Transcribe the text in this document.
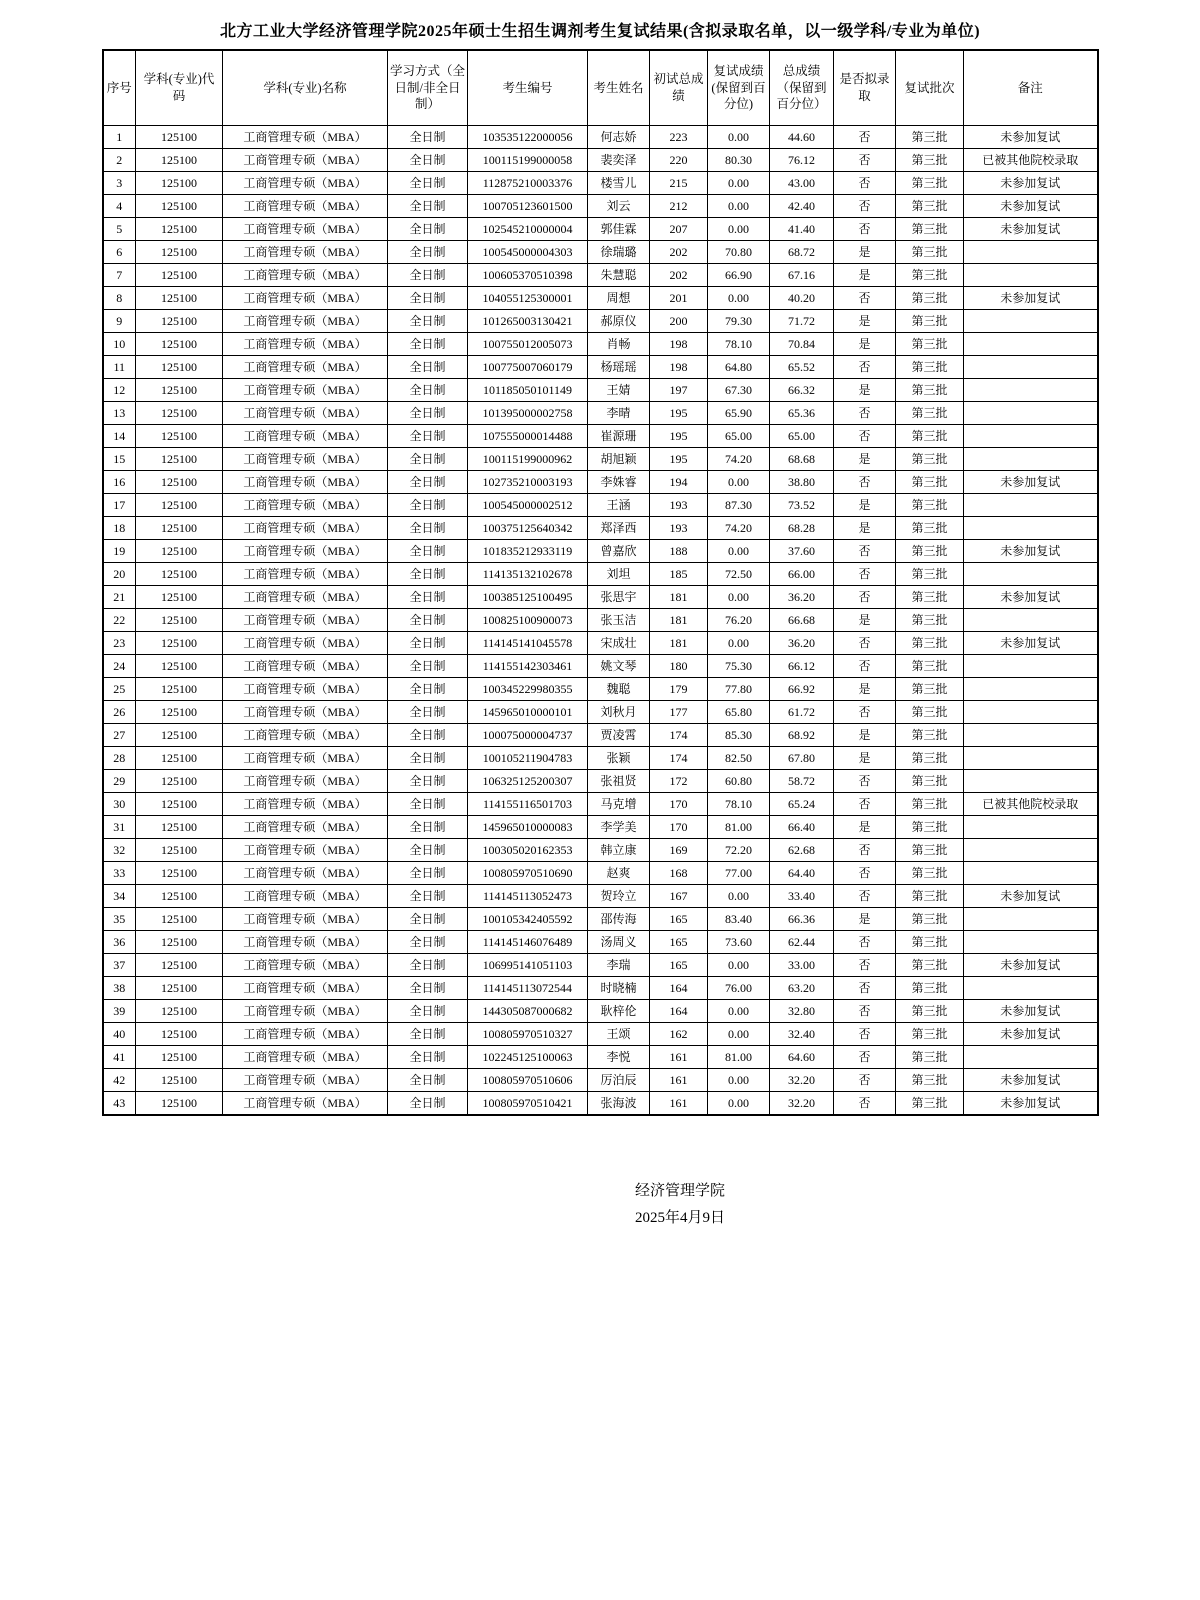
北方工业大学经济管理学院2025年硕士生招生调剂考生复试结果(含拟录取名单，以一级学科/专业为单位)
序号	学科(专业)代码	学科(专业)名称	学习方式（全日制/非全日制）	考生编号	考生姓名	初试总成绩	复试成绩(保留到百分位)	总成绩（保留到百分位）	是否拟录取	复试批次	备注
1	125100	工商管理专硕（MBA）	全日制	103535122000056	何志娇	223	0.00	44.60	否	第三批	未参加复试
2	125100	工商管理专硕（MBA）	全日制	100115199000058	裴奕泽	220	80.30	76.12	否	第三批	已被其他院校录取
3	125100	工商管理专硕（MBA）	全日制	112875210003376	楼雪儿	215	0.00	43.00	否	第三批	未参加复试
4	125100	工商管理专硕（MBA）	全日制	100705123601500	刘云	212	0.00	42.40	否	第三批	未参加复试
5	125100	工商管理专硕（MBA）	全日制	102545210000004	郭佳霖	207	0.00	41.40	否	第三批	未参加复试
6	125100	工商管理专硕（MBA）	全日制	100545000004303	徐瑞璐	202	70.80	68.72	是	第三批	
7	125100	工商管理专硕（MBA）	全日制	100605370510398	朱慧聪	202	66.90	67.16	是	第三批	
8	125100	工商管理专硕（MBA）	全日制	104055125300001	周想	201	0.00	40.20	否	第三批	未参加复试
9	125100	工商管理专硕（MBA）	全日制	101265003130421	郝原仪	200	79.30	71.72	是	第三批	
10	125100	工商管理专硕（MBA）	全日制	100755012005073	肖畅	198	78.10	70.84	是	第三批	
11	125100	工商管理专硕（MBA）	全日制	100775007060179	杨瑶瑶	198	64.80	65.52	否	第三批	
12	125100	工商管理专硕（MBA）	全日制	101185050101149	王婧	197	67.30	66.32	是	第三批	
13	125100	工商管理专硕（MBA）	全日制	101395000002758	李晴	195	65.90	65.36	否	第三批	
14	125100	工商管理专硕（MBA）	全日制	107555000014488	崔源珊	195	65.00	65.00	否	第三批	
15	125100	工商管理专硕（MBA）	全日制	100115199000962	胡旭颖	195	74.20	68.68	是	第三批	
16	125100	工商管理专硕（MBA）	全日制	102735210003193	李姝睿	194	0.00	38.80	否	第三批	未参加复试
17	125100	工商管理专硕（MBA）	全日制	100545000002512	王涵	193	87.30	73.52	是	第三批	
18	125100	工商管理专硕（MBA）	全日制	100375125640342	郑泽西	193	74.20	68.28	是	第三批	
19	125100	工商管理专硕（MBA）	全日制	101835212933119	曾嘉欣	188	0.00	37.60	否	第三批	未参加复试
20	125100	工商管理专硕（MBA）	全日制	114135132102678	刘坦	185	72.50	66.00	否	第三批	
21	125100	工商管理专硕（MBA）	全日制	100385125100495	张思宇	181	0.00	36.20	否	第三批	未参加复试
22	125100	工商管理专硕（MBA）	全日制	100825100900073	张玉洁	181	76.20	66.68	是	第三批	
23	125100	工商管理专硕（MBA）	全日制	114145141045578	宋成壮	181	0.00	36.20	否	第三批	未参加复试
24	125100	工商管理专硕（MBA）	全日制	114155142303461	姚文琴	180	75.30	66.12	否	第三批	
25	125100	工商管理专硕（MBA）	全日制	100345229980355	魏聪	179	77.80	66.92	是	第三批	
26	125100	工商管理专硕（MBA）	全日制	145965010000101	刘秋月	177	65.80	61.72	否	第三批	
27	125100	工商管理专硕（MBA）	全日制	100075000004737	贾凌霄	174	85.30	68.92	是	第三批	
28	125100	工商管理专硕（MBA）	全日制	100105211904783	张颖	174	82.50	67.80	是	第三批	
29	125100	工商管理专硕（MBA）	全日制	106325125200307	张祖贤	172	60.80	58.72	否	第三批	
30	125100	工商管理专硕（MBA）	全日制	114155116501703	马克增	170	78.10	65.24	否	第三批	已被其他院校录取
31	125100	工商管理专硕（MBA）	全日制	145965010000083	李学美	170	81.00	66.40	是	第三批	
32	125100	工商管理专硕（MBA）	全日制	100305020162353	韩立康	169	72.20	62.68	否	第三批	
33	125100	工商管理专硕（MBA）	全日制	100805970510690	赵爽	168	77.00	64.40	否	第三批	
34	125100	工商管理专硕（MBA）	全日制	114145113052473	贺玲立	167	0.00	33.40	否	第三批	未参加复试
35	125100	工商管理专硕（MBA）	全日制	100105342405592	邵传海	165	83.40	66.36	是	第三批	
36	125100	工商管理专硕（MBA）	全日制	114145146076489	汤周义	165	73.60	62.44	否	第三批	
37	125100	工商管理专硕（MBA）	全日制	106995141051103	李瑞	165	0.00	33.00	否	第三批	未参加复试
38	125100	工商管理专硕（MBA）	全日制	114145113072544	时晓楠	164	76.00	63.20	否	第三批	
39	125100	工商管理专硕（MBA）	全日制	144305087000682	耿梓伦	164	0.00	32.80	否	第三批	未参加复试
40	125100	工商管理专硕（MBA）	全日制	100805970510327	王颂	162	0.00	32.40	否	第三批	未参加复试
41	125100	工商管理专硕（MBA）	全日制	102245125100063	李悦	161	81.00	64.60	否	第三批	
42	125100	工商管理专硕（MBA）	全日制	100805970510606	厉泊辰	161	0.00	32.20	否	第三批	未参加复试
43	125100	工商管理专硕（MBA）	全日制	100805970510421	张海波	161	0.00	32.20	否	第三批	未参加复试
经济管理学院
2025年4月9日
